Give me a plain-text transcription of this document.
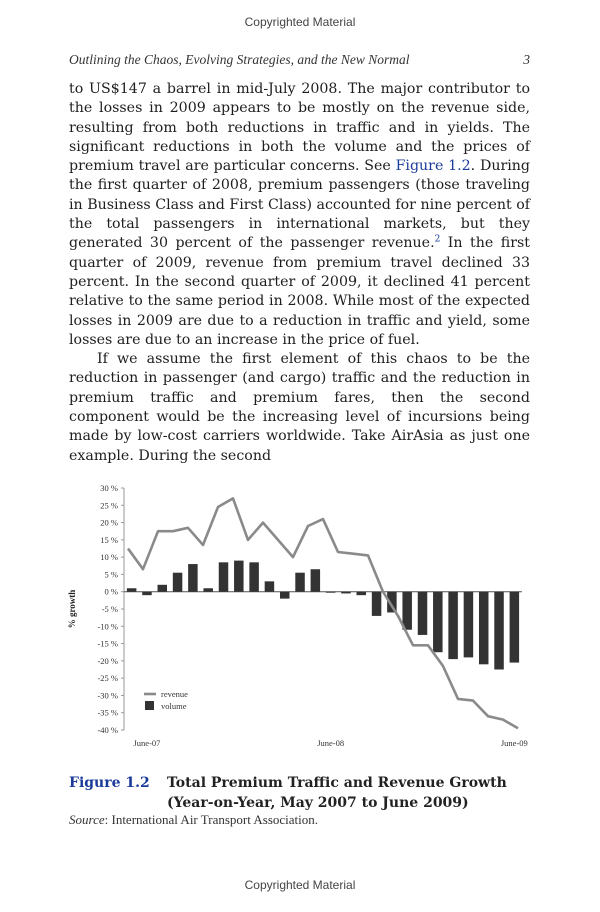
Copyrighted Material
Outlining the Chaos, Evolving Strategies, and the New Normal	3

to US$147 a barrel in mid-July 2008. The major contributor to the losses in 2009 appears to be mostly on the revenue side, resulting from both reductions in traffic and in yields. The significant reductions in both the volume and the prices of premium travel are particular concerns. See Figure 1.2. During the first quarter of 2008, premium passengers (those traveling in Business Class and First Class) accounted for nine percent of the total passengers in international markets, but they generated 30 percent of the passenger revenue.$^2$ In the first quarter of 2009, revenue from premium travel declined 33 percent. In the second quarter of 2009, it declined 41 percent relative to the same period in 2008. While most of the expected losses in 2009 are due to a reduction in traffic and yield, some losses are due to an increase in the price of fuel.

If we assume the first element of this chaos to be the reduction in passenger (and cargo) traffic and the reduction in premium traffic and premium fares, then the second component would be the increasing level of incursions being made by low-cost carriers worldwide. Take AirAsia as just one example. During the second

30 %
25 %
20 %
15 %
10 %
5 %
0 %
-5 %
-10 %
-15 %
-20 %
-25 %
-30 %
-35 %
-40 %
% growth
June-07	June-08	June-09
revenue
volume
Figure 1.2 Total Premium Traffic and Revenue Growth (Year-on-Year, May 2007 to June 2009)
Source: International Air Transport Association.
Copyrighted Material
